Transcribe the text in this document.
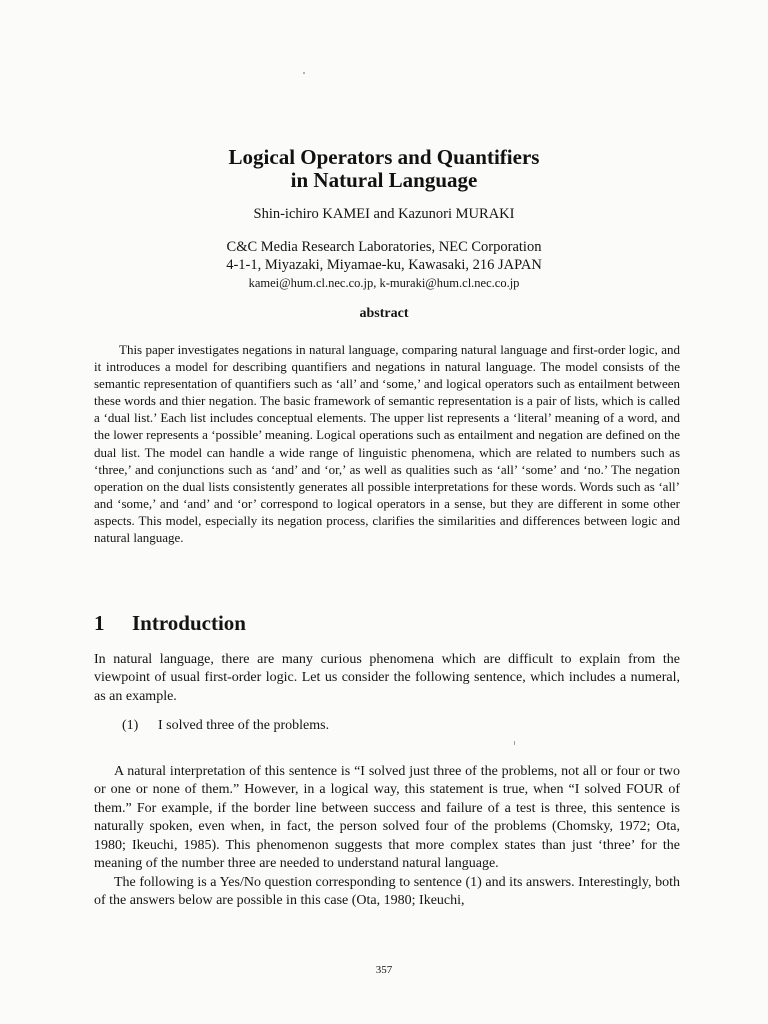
Logical Operators and Quantifiers
in Natural Language
Shin-ichiro KAMEI and Kazunori MURAKI
C&C Media Research Laboratories, NEC Corporation
4-1-1, Miyazaki, Miyamae-ku, Kawasaki, 216 JAPAN
kamei@hum.cl.nec.co.jp, k-muraki@hum.cl.nec.co.jp
abstract
This paper investigates negations in natural language, comparing natural language and first-order logic, and it introduces a model for describing quantifiers and negations in natural language. The model consists of the semantic representation of quantifiers such as ‘all’ and ‘some,’ and logical operators such as entailment between these words and thier negation. The basic framework of semantic representation is a pair of lists, which is called a ‘dual list.’ Each list includes conceptual elements. The upper list represents a ‘literal’ meaning of a word, and the lower represents a ‘possible’ meaning. Logical operations such as entailment and negation are defined on the dual list. The model can handle a wide range of linguistic phenomena, which are related to numbers such as ‘three,’ and conjunctions such as ‘and’ and ‘or,’ as well as qualities such as ‘all’ ‘some’ and ‘no.’ The negation operation on the dual lists consistently generates all possible interpretations for these words. Words such as ‘all’ and ‘some,’ and ‘and’ and ‘or’ correspond to logical operators in a sense, but they are different in some other aspects. This model, especially its negation process, clarifies the similarities and differences between logic and natural language.
1 Introduction
In natural language, there are many curious phenomena which are difficult to explain from the viewpoint of usual first-order logic. Let us consider the following sentence, which includes a numeral, as an example.
(1) I solved three of the problems.
A natural interpretation of this sentence is “I solved just three of the problems, not all or four or two or one or none of them.” However, in a logical way, this statement is true, when “I solved FOUR of them.” For example, if the border line between success and failure of a test is three, this sentence is naturally spoken, even when, in fact, the person solved four of the problems (Chomsky, 1972; Ota, 1980; Ikeuchi, 1985). This phenomenon suggests that more complex states than just ‘three’ for the meaning of the number three are needed to understand natural language.
The following is a Yes/No question corresponding to sentence (1) and its answers. Interestingly, both of the answers below are possible in this case (Ota, 1980; Ikeuchi,
357
